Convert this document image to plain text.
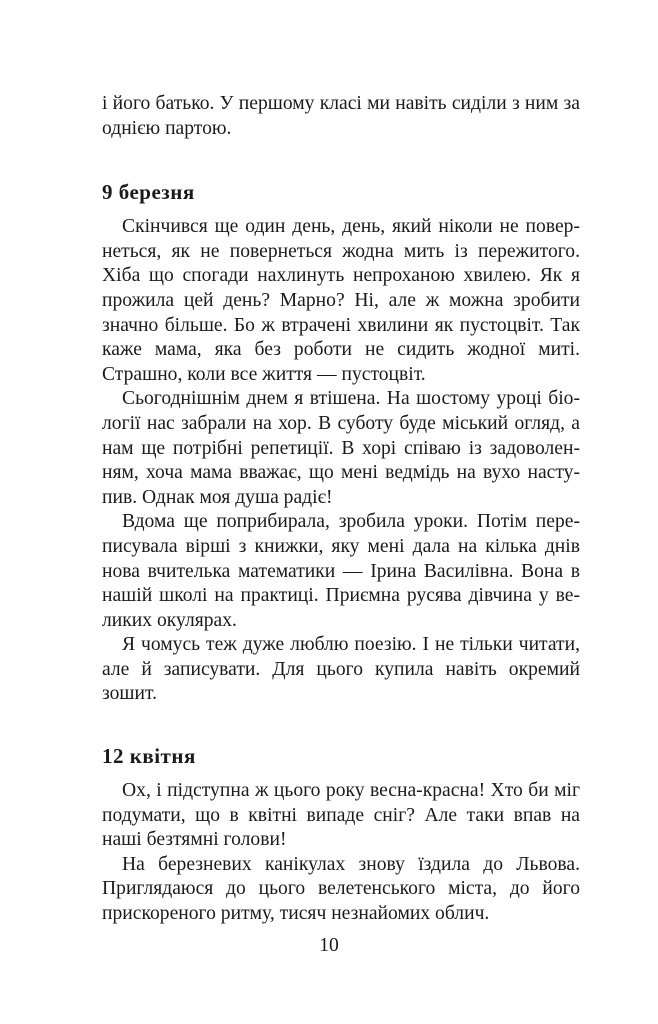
і його батько. У першому класі ми навіть сиділи з ним за однією партою.

9 березня

Скінчився ще один день, день, який ніколи не повернеться, як не повернеться жодна мить із пережитого. Хіба що спогади нахлинуть непроханою хвилею. Як я прожила цей день? Марно? Ні, але ж можна зробити значно більше. Бо ж втрачені хвилини як пустоцвіт. Так каже мама, яка без роботи не сидить жодної миті. Страшно, коли все життя — пустоцвіт.

Сьогоднішнім днем я втішена. На шостому уроці біології нас забрали на хор. В суботу буде міський огляд, а нам ще потрібні репетиції. В хорі співаю із задоволенням, хоча мама вважає, що мені ведмідь на вухо наступив. Однак моя душа радіє!

Вдома ще поприбирала, зробила уроки. Потім переписувала вірші з книжки, яку мені дала на кілька днів нова вчителька математики — Ірина Василівна. Вона в нашій школі на практиці. Приємна русява дівчина у великих окулярах.

Я чомусь теж дуже люблю поезію. І не тільки читати, але й записувати. Для цього купила навіть окремий зошит.

12 квітня

Ох, і підступна ж цього року весна-красна! Хто би міг подумати, що в квітні випаде сніг? Але таки впав на наші безтямні голови!

На березневих канікулах знову їздила до Львова. Приглядаюся до цього велетенського міста, до його прискореного ритму, тисяч незнайомих облич.

10
